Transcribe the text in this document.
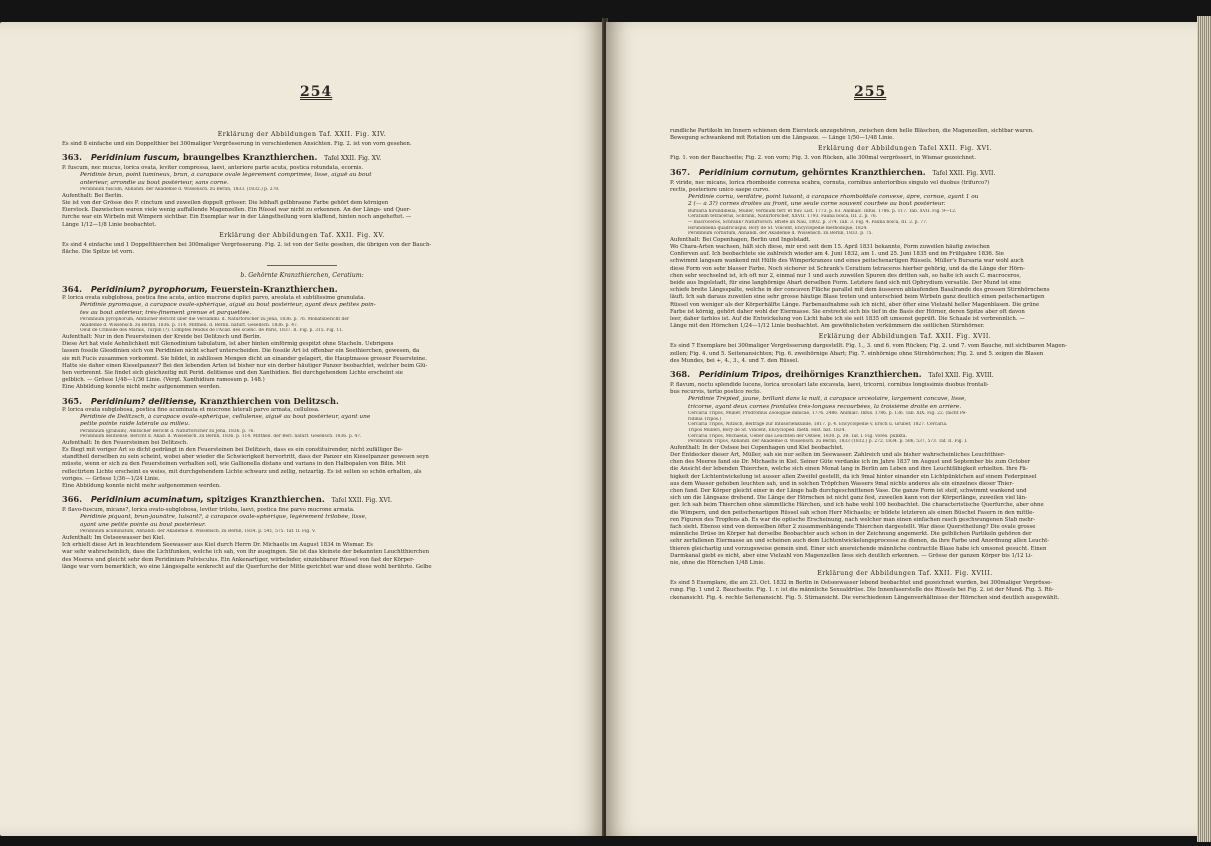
254
Erklärung der Abbildungen Taf. XXII. Fig. XIV.
Es sind 8 einfache und ein Doppelthier bei 300maliger Vergrösserung in verschiedenen Ansichten. Fig. 2. ist von vorn gesehen.
363. Peridinium fuscum, braungelbes Kranzthierchen. Tafel XXII. Fig. XV.
P. fuscum, nec mucus, lorica ovata, leviter compressa, laevi, anteriore parte acuta, postica rotundata, ecornis.
Péridinie brun, point lumineux, brun, à carapace ovale légèrement comprimée, lisse, aiguë au bout
antérieur, arrondie au bout postérieur, sans corne.
Peridinium fuscum, Abhandl. der Akademie d. Wissensch. zu Berlin, 1833. (1832.) p. 270.
Aufenthalt: Bei Berlin.
Sie ist von der Grösse des P. cinctum und zuweilen doppelt grösser. Die lebhaft gelbbraune Farbe gehört dem körnigen
Eierstock. Dazwischen waren viele wenig auffallende Magenzellen. Ein Rüssel war nicht zu erkennen. An der Längs- und Quer-
furche war ein Wirbeln mit Wimpern sichtbar. Ein Exemplar war in der Längstheilung vorn klaffend, hinten noch angeheftet. —
Länge 1/12—1/8 Linie beobachtet.
Erklärung der Abbildungen Taf. XXII. Fig. XV.
Es sind 4 einfache und 1 Doppelthierchen bei 300maliger Vergrösserung. Fig. 2. ist von der Seite gesehen, die übrigen von der Bauch-
fläche. Die Spitze ist vorn.
b. Gehörnte Kranzthierchen, Ceratium:
364. Peridinium? pyrophorum, Feuerstein-Kranzthierchen.
P. lorica ovata subglobosa, postica fine acuta, antico mucrone duplici parvo, areolata et subtilissime granulata.
Péridinie pyromaque, à carapace ovale-sphérique, aiguë au bout postérieur, ayant deux petites poin-
tes au bout antérieur, très-finement grenue et parquettée.
Peridinium pyrophorum, Amtlicher Bericht über die Versamml. d. Naturforscher zu Jena, 1836. p. 76. Monatsbericht der
Akademie d. Wissensch. zu Berlin, 1836. p. 114. Mittheil. d. Berlin. naturf. Gesellsch. 1836. p. 47.
Oeuf de Crinoïde des Marais, Turpin (?). Comptes rendus de l'Acad. des scienc. de Paris, 1837. II. Fig. p. 315. Fig. 11.
Aufenthalt: Nur in den Feuersteinen der Kreide bei Delitzsch und Berlin.
Diese Art hat viele Aehnlichkeit mit Glenodinium tabulatum, ist aber hinten einförmig gespitzt ohne Stacheln. Uebrigens
lassen fossile Gleodinien sich von Peridinien nicht scharf unterscheiden. Die fossile Art ist offenbar ein Seethierchen, gewesen, da
sie mit Fucis zusammen vorkommt. Sie bildet, in zahllosen Mengen dicht an einander gelagert, die Hauptmasse grosser Feuersteine.
Hatte sie daher einen Kieselpanzer? Bei den lebenden Arten ist bisher nur ein derber häutiger Panzer beobachtet, welcher beim Glü-
hen verbrennt. Sie findet sich gleichzeitig mit Perid. delitiense und den Xanthidien. Bei durchgehendem Lichte erscheint sie
gelblich. — Grösse 1/48—1/36 Linie. (Vergl. Xanthidium ramosum p. 148.)
Eine Abbildung konnte nicht mehr aufgenommen werden.
365. Peridinium? delitiense, Kranzthierchen von Delitzsch.
P. lorica ovata subglobosa, postica fine acuminata et mucrone laterali parvo armata, cellulosa.
Péridinie de Delitzsch, à carapace ovale-sphérique, cellulense, aiguë au bout postérieur, ayant une
petite pointe raide latérale au milieu.
Peridinium (granum), Amtlicher Bericht d. Naturforscher zu Jena, 1836. p. 76.
Peridinium delitiense, Bericht d. Akad. d. Wissensch. zu Berlin, 1836. p. 114. Mittheil. der Berl. naturf. Gesellsch. 1836. p. 47.
Aufenthalt: In den Feuersteinen bei Delitzsch.
Es fliegt mit voriger Art so dicht gedrängt in den Feuersteinen bei Delitzsch, dass es ein constituirender, nicht zufälliger Be-
standtheil derselben zu sein scheint, wobei aber wieder die Schwierigkeit hervortritt, dass der Panzer ein Kieselpanzer gewesen seyn
müsste, wenn er sich zu den Feuersteinen verhalten soll, wie Gallionella distans und varians in den Halbopalen von Bilin. Mit
reflectirtem Lichte erscheint es weiss, mit durchgehendem Lichte schwarz und zellig, netzartig. Es ist selten so schön erhalten, als
voriges. — Grösse 1/36—1/24 Linie.
Eine Abbildung konnte nicht mehr aufgenommen werden.
366. Peridinium acuminatum, spitziges Kranzthierchen. Tafel XXII. Fig. XVI.
P. flavo-fuscum, micans?, lorica ovato-subglobosa, leviter triloba, laevi, postica fine parvo mucrone armata.
Péridinie piquant, brun-jaunâtre, luisant?, à carapace ovale-sphérique, légèrement trilobée, lisse,
ayant une petite pointe au bout postérieur.
Peridinium acuminatum, Abhandl. der Akademie d. Wissensch. zu Berlin, 1834. p. 541, 575. Taf. II. Fig. V.
Aufenthalt: Im Ostseewasser bei Kiel.
Ich erhielt diese Art in leuchtendem Seewasser aus Kiel durch Herrn Dr. Michaelis im August 1834 in Wismar. Es
war sehr wahrscheinlich, dass die Lichtfunken, welche ich sah, von ihr ausgingen. Sie ist das kleinste der bekannten Leuchtthierchen
des Meeres und gleicht sehr dem Peridinium Pulvisculus. Ein Ankenartiger, wirbelnder, einziehbarer Rüssel von fast der Körper-
länge war vorn bemerklich, wo eine Längsspalte senkrecht auf die Querfurche der Mitte gerichtet war und diese wohl berührte. Gelbe
255
rundliche Partikeln im Innern schienen dem Eierstock anzugehören, zwischen dem helle Bläschen, die Magenzellen, sichtbar waren.
Bewegung schwankend mit Rotation um die Längsaxe. — Länge 1/50—1/48 Linie.
Erklärung der Abbildungen Tafel XXII. Fig. XVI.
Fig. 1. von der Bauchseite; Fig. 2. von vorn; Fig. 3. von Rücken, alle 300mal vergrössert, in Wismar gezeichnet.
367. Peridinium cornutum, gehörntes Kranzthierchen. Tafel XXII. Fig. XVII.
P. viride, nec micans, lorica rhomboide convexa scabra, cornuta, cornibus anterioribus singulo vel duobus (trifurco?)
rectis, posteriore unico saepe curvo.
Péridinie cornu, verdâtre, point luisant, à carapace rhomboïdale convexe, âpre, cornue, ayant 1 ou
2 (— à 3?) cornes droites au front, une seule corne souvent courbée au bout postérieur.
Bursaria hirundinella, Müller, Vermium terr. et fluv. List. 1773. p. 63. Animalc. Infus. 1786. p. 117. Tab. XVII. Fig. 9—12.
Ceratium tetracerus, Schrank, Naturforscher, XXVII. 1793. Fauna boica, III. 2. p. 76.
— macroceros, Schrank? Naturforsch. Briefe an Nau, 1802. p. 374. Tab. 3. Fig. 4. Fauna boica, III. 2. p. 77.
Hirundinella quadricuspis, Bory de St. Vincent, Encyclopédie méthodique, 1824.
Peridinium cornutum, Abhandl. der Akademie d. Wissensch. zu Berlin, 1833. p. 75.
Aufenthalt: Bei Copenhagen, Berlin und Ingolstadt.
Wo Chara-Arten wachsen, hält sich diese, mir erst seit dem 15. April 1831 bekannte, Form zuweilen häufig zwischen
Conferven auf. Ich beobachtete sie zahlreich wieder am 4. Juni 1832, am 1. und 25. Juni 1835 und im Frühjahre 1836. Sie
schwimmt langsam wankend mit Hülfe des Wimperkranzes und eines peitschenartigen Rüssels. Müller's Bursaria war wohl auch
diese Form von sehr blasser Farbe. Noch sicherer ist Schrank's Ceratium tetraceros hierher gehörig, und da die Länge der Hörn-
chen sehr wechselnd ist, ich oft nur 2, einmal nur 1 und auch zuweilen Spuren des dritten sah, so halte ich auch C. macroceros,
beide aus Ingolstadt, für eine langhörnige Abart derselben Form. Letztere fand sich mit Ophrydium versatile. Der Mund ist eine
schiefe breite Längsspalte, welche in der concaven Fläche parallel mit dem äusseren ablaufenden Basalrande des grossen Stirnhörnchens
läuft. Ich sah daraus zuweilen eine sehr grosse häutige Blase treten und unterschied beim Wirbeln ganz deutlich einen peitschenartigen
Rüssel von weniger als der Körperhälfte Länge. Farbenaufnahme sah ich nicht, aber öfter eine Vielzahl heller Magenblasen. Die grüne
Farbe ist körnig, gehört daher wohl der Eiermasse. Sie erstreckt sich bis tief in die Basis der Hörner, deren Spitze aber oft davon
leer, daher farblos ist. Auf die Entwickelung von Licht habe ich sie seit 1835 oft umsonst geprüft. Die Schaale ist verbrennlich. —
Länge mit den Hörnchen 1/24—1/12 Linie beobachtet. Am gewöhnlichsten verkümmern die seitlichen Stirnhörner.
Erklärung der Abbildungen Taf. XXII. Fig. XVII.
Es sind 7 Exemplare bei 300maliger Vergrösserung dargestellt. Fig. 1., 3. und 6. vom Rücken; Fig. 2. und 7. vom Bauche, mit sichtbaren Magen-
zellen; Fig. 4. und 5. Seitenansichten; Fig. 6. zweihörnige Abart; Fig. 7. einhörnige ohne Stirnhörnchen; Fig. 2. und 5. zeigen die Blasen
des Mundes, bei +, 4., 3., 4. und 7. den Rüssel.
368. Peridinium Tripos, dreihörniges Kranzthierchen. Tafel XXII. Fig. XVIII.
P. flavum, noctu splendide lucens, lorica urceolari late excavata, laevi, tricorni, cornibus longissimis duobus frontali-
bus recurvis, tertio postico recto.
Péridinie Trépied, jaune, brillant dans la nuit, à carapace urcéolaire, largement concave, lisse,
tricorne, ayant deux cornes frontales très-longues recourbées, la troisième droite en arrière.
Cercaria Tripos, Müller, Prodromus Zoologiae danicae, 1776. 2486. Animalc. Infus. 1786. p. 136. Tab. XIX. Fig. 22. (nicht Pe-
ridinia Tripos.)
Cercaria Tripos, Nitzsch, Beiträge zur Infusorienkunde, 1817. p. 4. Encyclopédie v. Ersch u. Gruber, 1827. Cercaria.
Tripos Mülleri, Bory de St. Vincent, Encycloped. méth. Hist. nat. 1824.
Cercaria Tripos, Michaelis, Ueber das Leuchten der Ostsee, 1830. p. 38. Taf. I. Fig. vores. punkta.
Peridinium Tripos, Abhandl. der Akademie d. Wissensch. zu Berlin, 1833 (1832.) p. 272. 1834. p. 506, 537, 573. Taf. II. Fig. I.
Aufenthalt: In der Ostsee bei Copenhagen und Kiel beobachtet.
Der Entdecker dieser Art, Müller, sah sie nur selten im Seewasser. Zahlreich und als bisher wahrscheinliches Leuchtthier-
chen des Meeres fand sie Dr. Michaelis in Kiel. Seiner Güte verdanke ich im Jahre 1837 im August und September bis zum October
die Ansicht der lebenden Thierchen, welche sich einen Monat lang in Berlin am Leben und ihre Leuchtfähigkeit erhielten. Ihre Fä-
higkeit der Lichtentwickelung ist ausser allen Zweifel gestellt, da ich 9mal hinter einander ein Lichtpünktchen auf einem Federpinsel
aus dem Wasser gehoben leuchten sah, und in solchen Tröpfchen Wassers 9mal nichts anderes als ein einzelnes dieser Thier-
chen fand. Der Körper gleicht einer in der Länge halb durchgeschnittenen Vase. Die ganze Form ist steif, schwimmt wankend und
sich um die Längsaxe drehend. Die Länge der Hörnchen ist nicht ganz fest, zuweilen kann von der Körperlänge, zuweilen viel län-
ger. Ich sah beim Thierchen ohne sämmtliche Härchen, und ich habe wohl 100 beobachtet. Die characteristische Querfurche, aber ohne
die Wimpern, und den peitschenartigen Rüssel sah schon Herr Michaelis; er bildete letzteren als einen Büschel Fasern in den mittle-
ren Figuren des Tropfens ab. Es war die optische Erscheinung, nach welcher man einen einfachen rasch geschwungenen Stab mehr-
fach sieht. Ebenso sind von demselben öfter 2 zusammenhängende Thierchen dargestellt. War diese Querstheilung? Die ovale grosse
männliche Drüse im Körper hat derselbe Beobachter auch schon in der Zeichnung angemerkt. Die gelblichen Partikeln gehören der
sehr zerfallenen Eiermasse an und scheinen auch dem Lichtentwickelungsprocesse zu dienen, da ihre Farbe und Anordnung allen Leucht-
thieren gleichartig und vorzugsweise gemein sind. Einer sich ansreichende männliche contractile Blase habe ich umsonst gesucht. Einen
Darmkanal giebt es nicht, aber eine Vielzahl von Magenzellen liess sich deutlich erkennen. — Grösse der ganzen Körper bis 1/12 Li-
nie, ohne die Hörnchen 1/48 Linie.
Erklärung der Abbildungen Taf. XXII. Fig. XVIII.
Es sind 5 Exemplare, die am 23. Oct. 1832 in Berlin in Ostseewasser lebend beobachtet und gezeichnet wurden, bei 300maliger Vergrösse-
rung. Fig. 1 und 2. Bauchseite. Fig. 1. r. ist die männliche Sexualdrüse. Die Innenfaserstelle des Rüssels bei Fig. 2. ist der Mund. Fig. 3. Rü-
ckenansicht. Fig. 4. rechte Seitenansicht. Fig. 5. Stirnansicht. Die verschiedenen Längenverhältnisse der Hörnchen sind deutlich ausgewählt.
